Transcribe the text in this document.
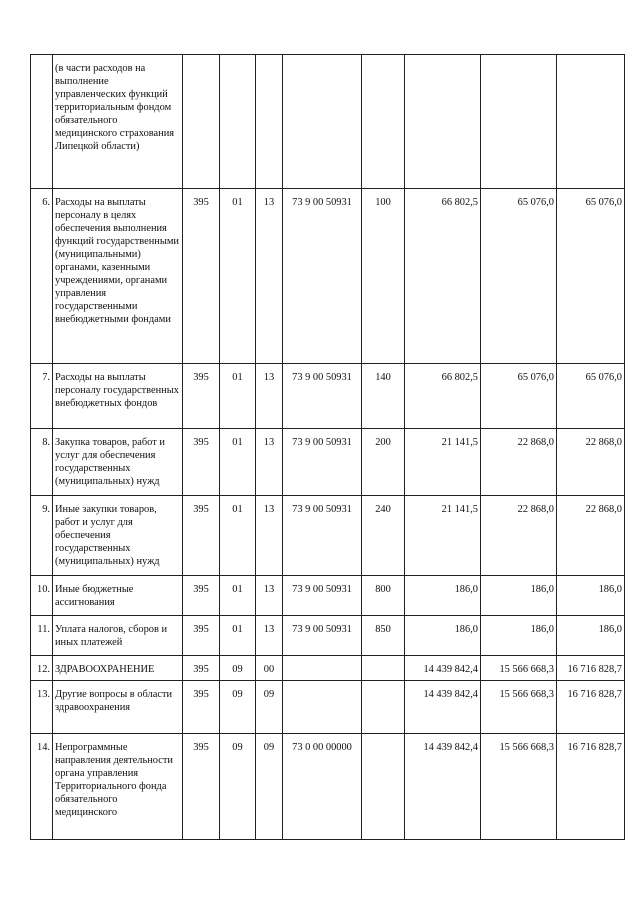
	(в части расходов на выполнение управленческих функций территориальным фондом обязательного медицинского страхования Липецкой области)								
6.	Расходы на выплаты персоналу в целях обеспечения выполнения функций государственными (муниципальными) органами, казенными учреждениями, органами управления государственными внебюджетными фондами	395	01	13	73 9 00 50931	100	66 802,5	65 076,0	65 076,0
7.	Расходы на выплаты персоналу государственных внебюджетных фондов	395	01	13	73 9 00 50931	140	66 802,5	65 076,0	65 076,0
8.	Закупка товаров, работ и услуг для обеспечения государственных (муниципальных) нужд	395	01	13	73 9 00 50931	200	21 141,5	22 868,0	22 868,0
9.	Иные закупки товаров, работ и услуг для обеспечения государственных (муниципальных) нужд	395	01	13	73 9 00 50931	240	21 141,5	22 868,0	22 868,0
10.	Иные бюджетные ассигнования	395	01	13	73 9 00 50931	800	186,0	186,0	186,0
11.	Уплата налогов, сборов и иных платежей	395	01	13	73 9 00 50931	850	186,0	186,0	186,0
12.	ЗДРАВООХРАНЕНИЕ	395	09	00			14 439 842,4	15 566 668,3	16 716 828,7
13.	Другие вопросы в области здравоохранения	395	09	09			14 439 842,4	15 566 668,3	16 716 828,7
14.	Непрограммные направления деятельности органа управления Территориального фонда обязательного медицинского	395	09	09	73 0 00 00000		14 439 842,4	15 566 668,3	16 716 828,7
